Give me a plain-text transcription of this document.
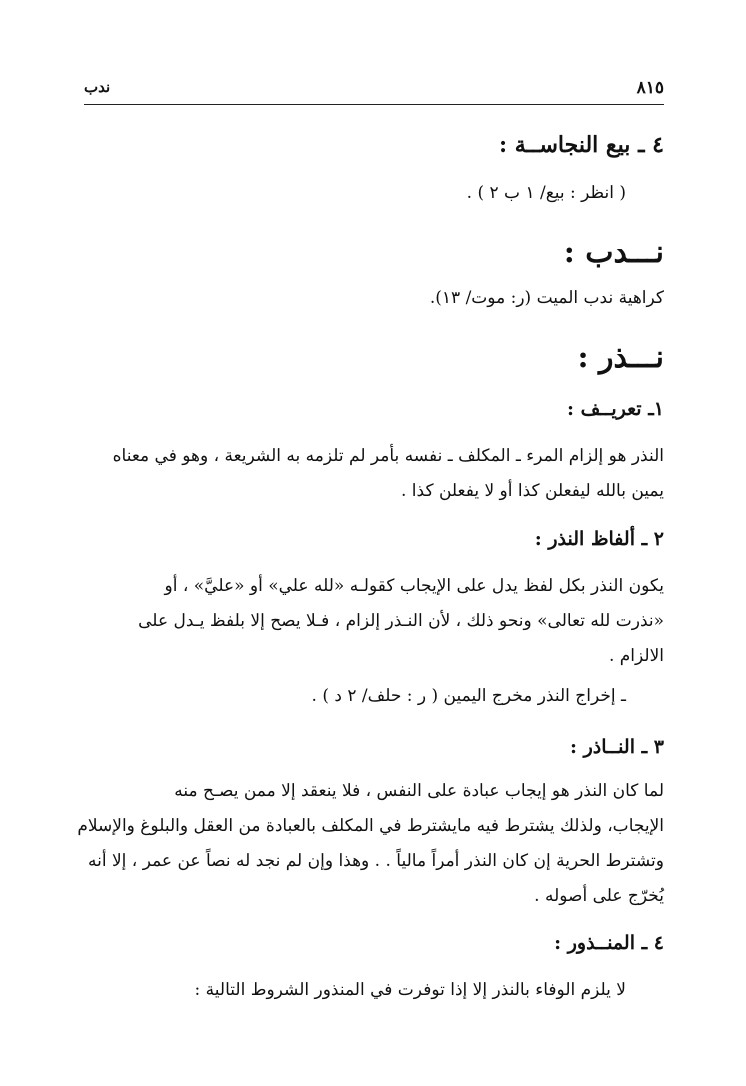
٨١٥
ندب
٤ ـ بيع النجاســة :
( انظر : بيع/ ١ ب ٢ ) .
نـــدب :
كراهية ندب الميت (ر: موت/ ١٣).
نـــذر :
١ـ تعريــف :
النذر هو إلزام المرء ـ المكلف ـ نفسه بأمر لم تلزمه به الشريعة ، وهو في معناه
يمين بالله ليفعلن كذا أو لا يفعلن كذا .
٢ ـ ألفاظ النذر :
يكون النذر بكل لفظ يدل على الإيجاب كقولـه «لله علي» أو «عليَّ» ، أو
«نذرت لله تعالى» ونحو ذلك ، لأن النـذر إلزام ، فـلا يصح إلا بلفظ يـدل على
الالزام .
ـ إخراج النذر مخرج اليمين ( ر : حلف/ ٢ د ) .
٣ ـ النــاذر :
لما كان النذر هو إيجاب عبادة على النفس ، فلا ينعقد إلا ممن يصـح منه
الإيجاب، ولذلك يشترط فيه مايشترط في المكلف بالعبادة من العقل والبلوغ والإسلام
وتشترط الحرية إن كان النذر أمراً مالياً . . وهذا وإن لم نجد له نصاً عن عمر ، إلا أنه
يُخرّج على أصوله .
٤ ـ المنــذور :
لا يلزم الوفاء بالنذر إلا إذا توفرت في المنذور الشروط التالية :
